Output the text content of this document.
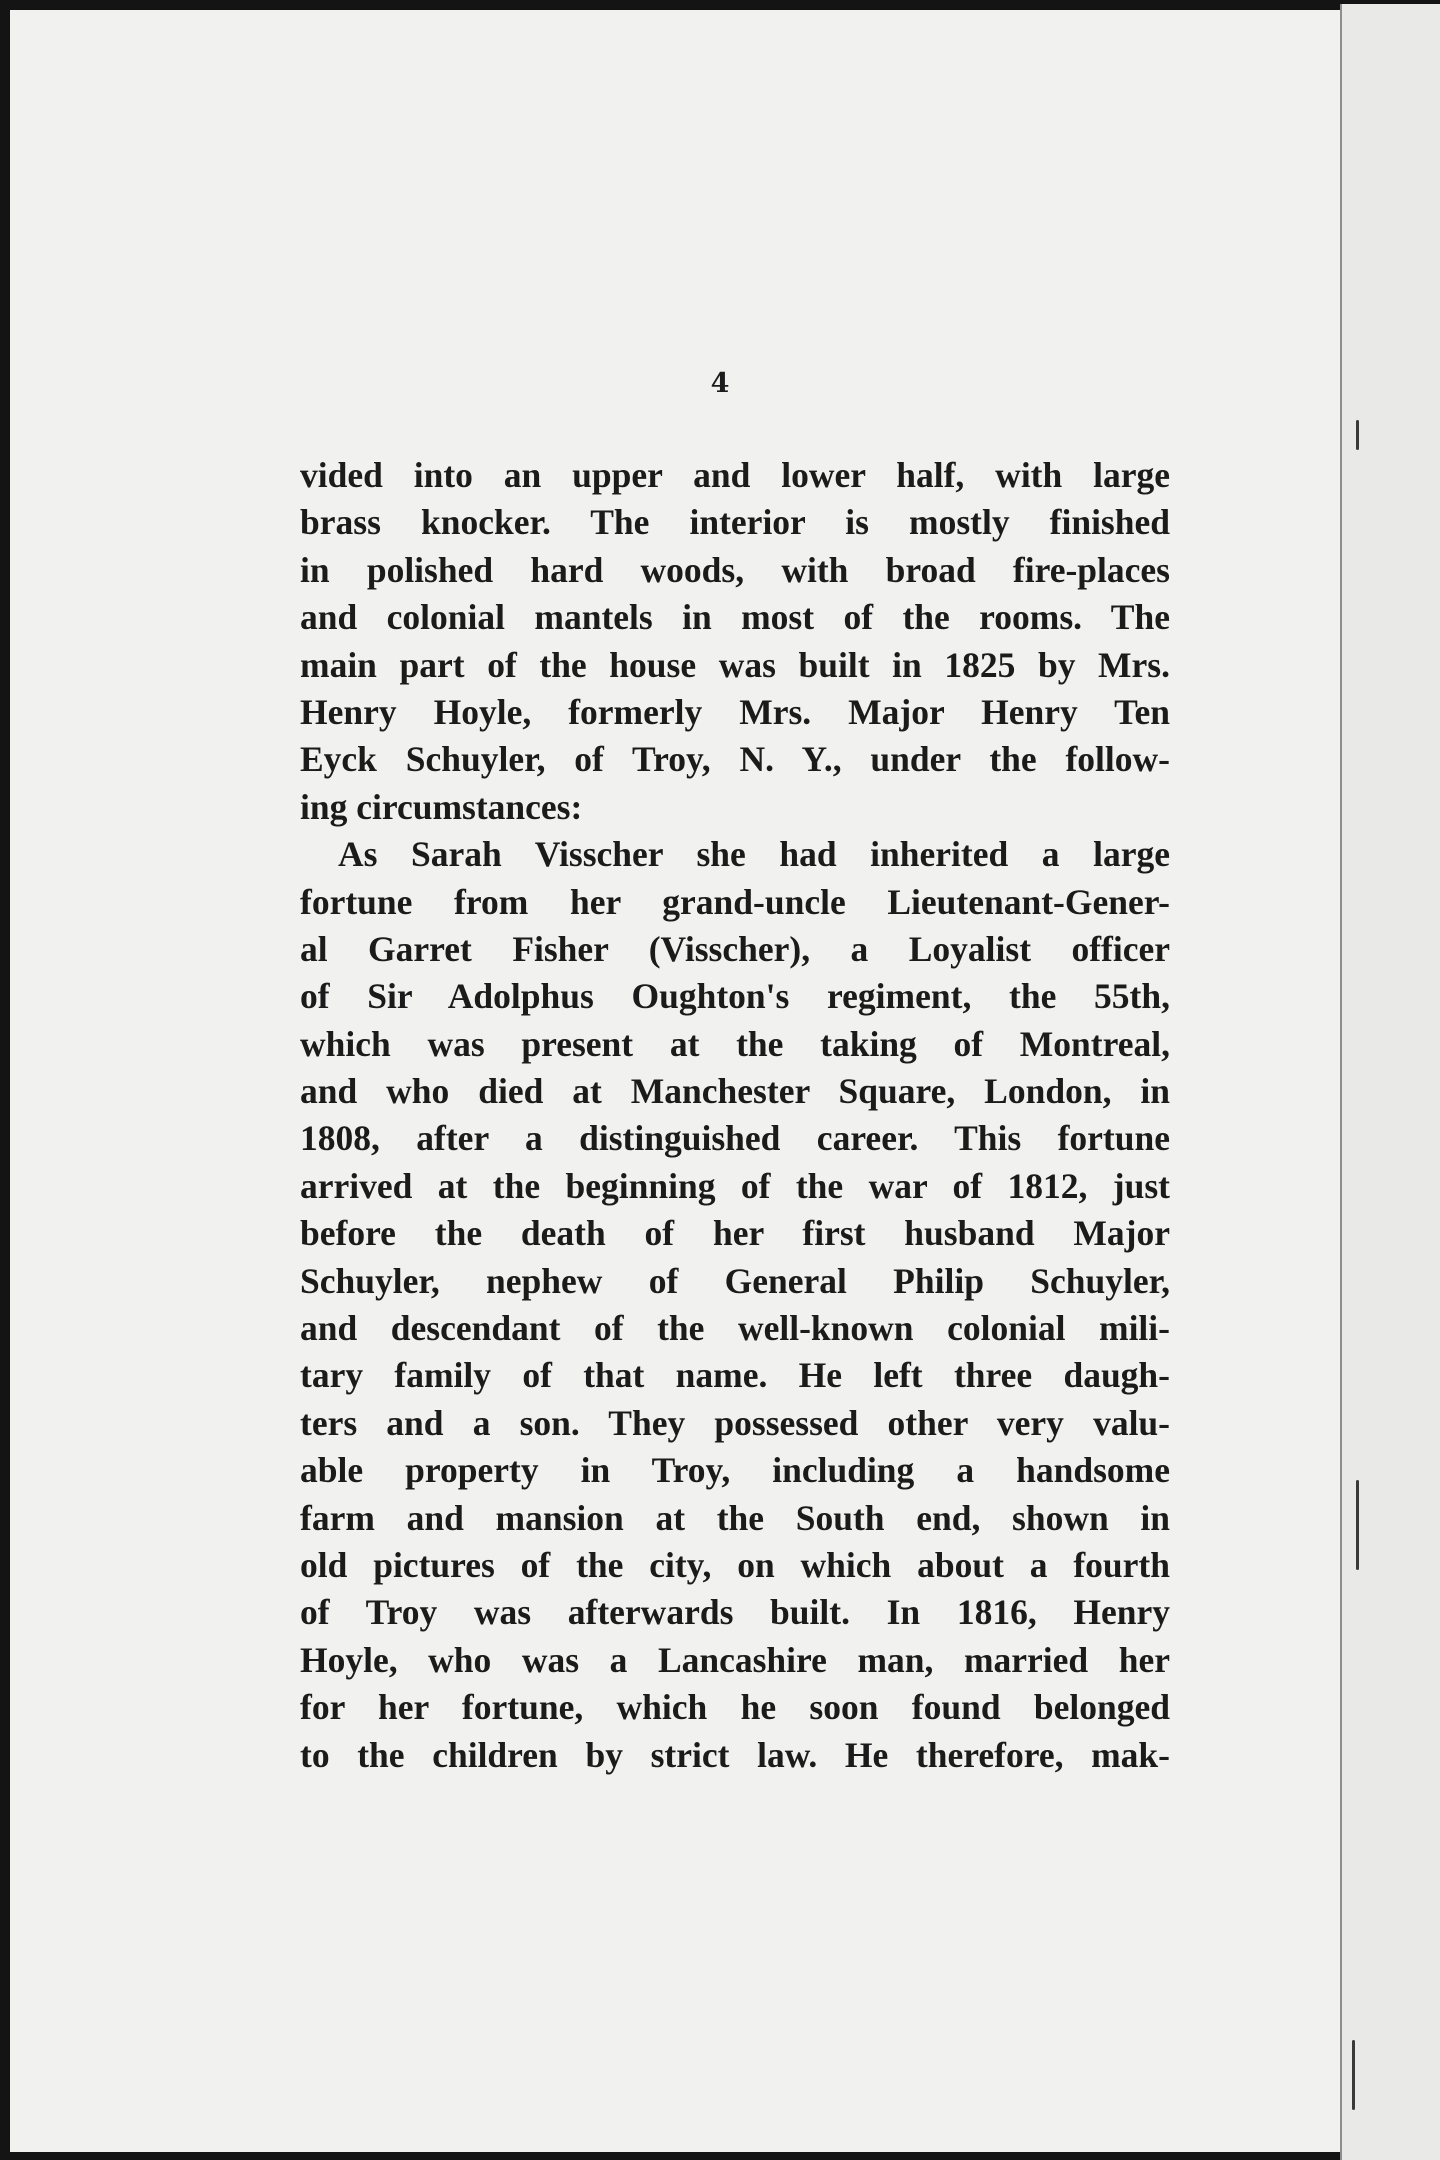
4
vided into an upper and lower half, with large
brass knocker. The interior is mostly finished
in polished hard woods, with broad fire-places
and colonial mantels in most of the rooms. The
main part of the house was built in 1825 by Mrs.
Henry Hoyle, formerly Mrs. Major Henry Ten
Eyck Schuyler, of Troy, N. Y., under the follow-
ing circumstances:
As Sarah Visscher she had inherited a large
fortune from her grand-uncle Lieutenant-Gener-
al Garret Fisher (Visscher), a Loyalist officer
of Sir Adolphus Oughton's regiment, the 55th,
which was present at the taking of Montreal,
and who died at Manchester Square, London, in
1808, after a distinguished career. This fortune
arrived at the beginning of the war of 1812, just
before the death of her first husband Major
Schuyler, nephew of General Philip Schuyler,
and descendant of the well-known colonial mili-
tary family of that name. He left three daugh-
ters and a son. They possessed other very valu-
able property in Troy, including a handsome
farm and mansion at the South end, shown in
old pictures of the city, on which about a fourth
of Troy was afterwards built. In 1816, Henry
Hoyle, who was a Lancashire man, married her
for her fortune, which he soon found belonged
to the children by strict law. He therefore, mak-
